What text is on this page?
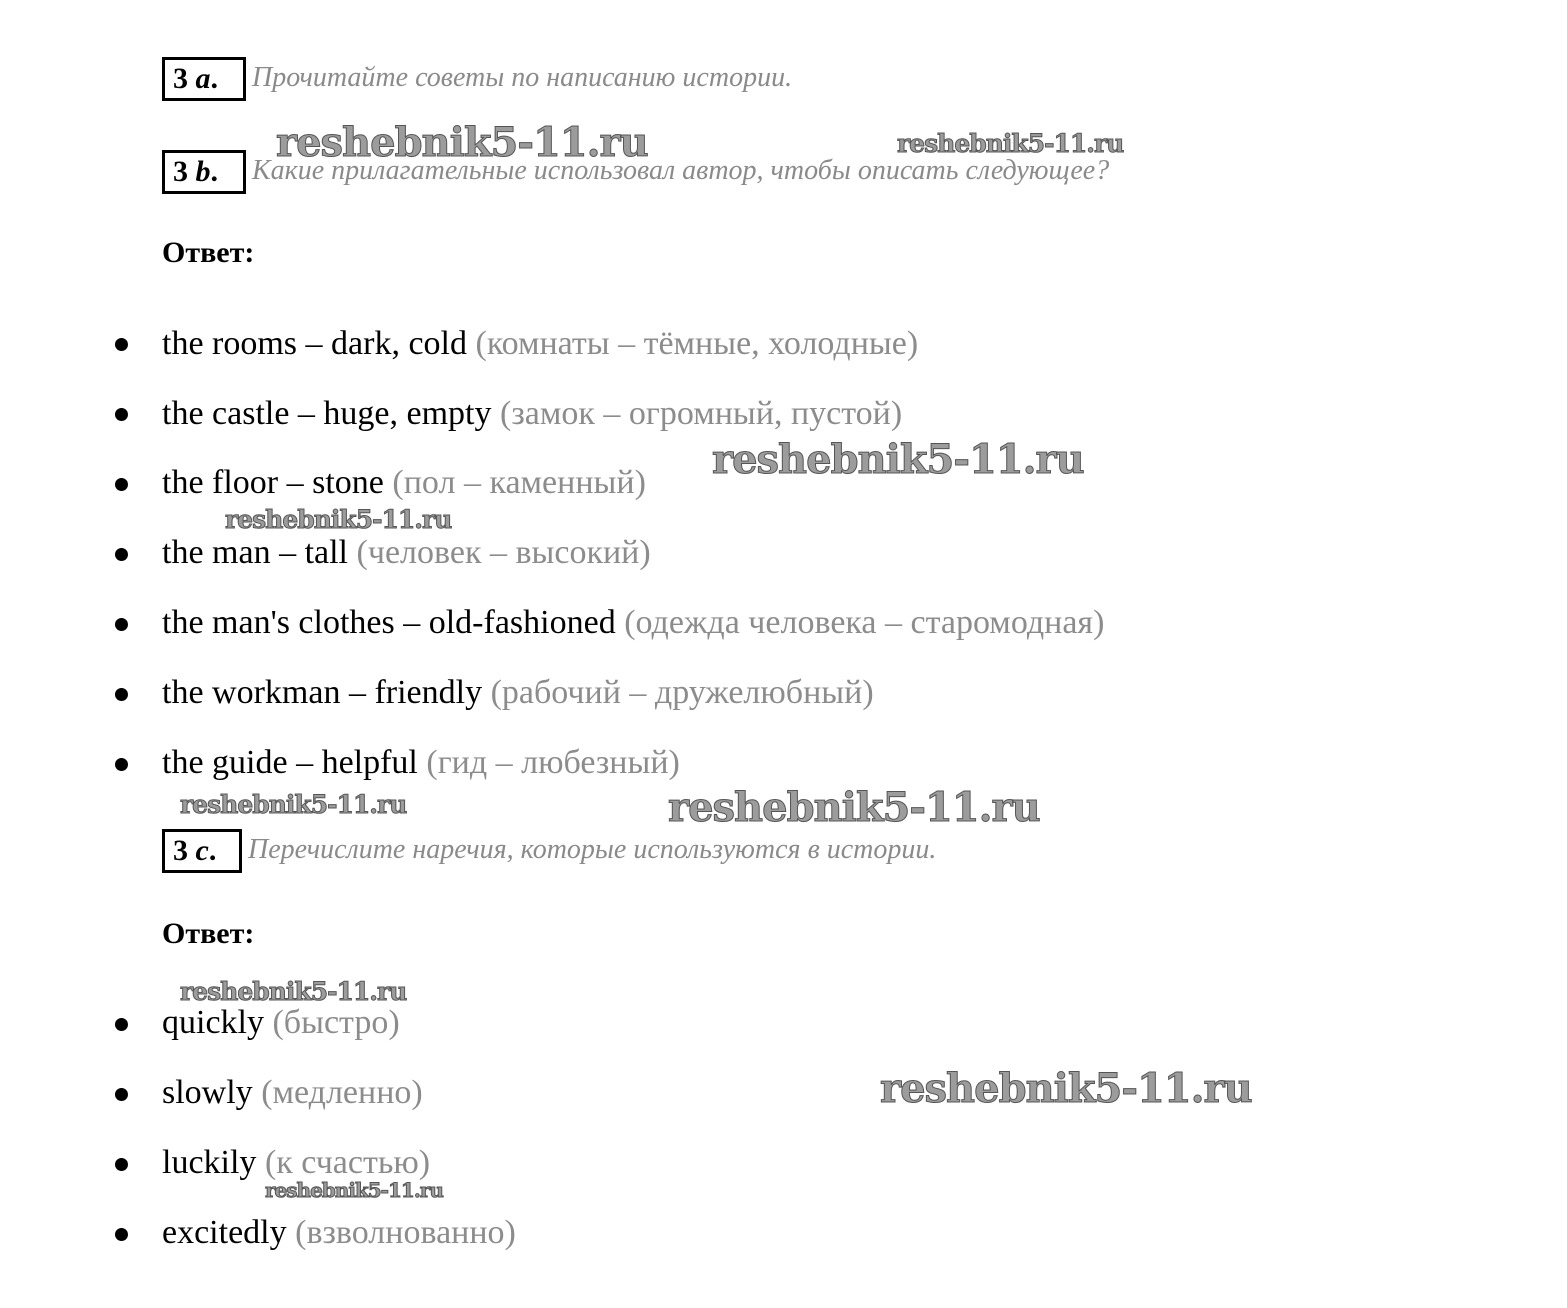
3 a.	Прочитайте советы по написанию истории.
3 b.	Какие прилагательные использовал автор, чтобы описать следующее?
Ответ:
the rooms – dark, cold (комнаты – тёмные, холодные)
the castle – huge, empty (замок – огромный, пустой)
the floor – stone (пол – каменный)
the man – tall (человек – высокий)
the man's clothes – old-fashioned (одежда человека – старомодная)
the workman – friendly (рабочий – дружелюбный)
the guide – helpful (гид – любезный)
3 c.	Перечислите наречия, которые используются в истории.
Ответ:
quickly (быстро)
slowly (медленно)
luckily (к счастью)
excitedly (взволнованно)
reshebnik5-11.ru	reshebnik5-11.ru
reshebnik5-11.ru
reshebnik5-11.ru
reshebnik5-11.ru	reshebnik5-11.ru
reshebnik5-11.ru
reshebnik5-11.ru
reshebnik5-11.ru
